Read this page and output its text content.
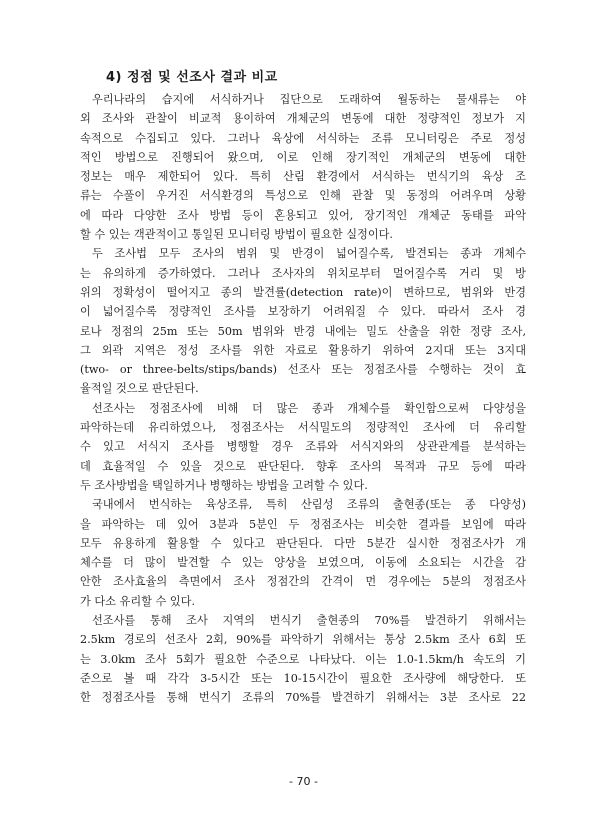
4) 정점 및 선조사 결과 비교
우리나라의 습지에 서식하거나 집단으로 도래하여 월동하는 물새류는 야
외 조사와 관찰이 비교적 용이하여 개체군의 변동에 대한 정량적인 정보가 지
속적으로 수집되고 있다. 그러나 육상에 서식하는 조류 모니터링은 주로 정성
적인 방법으로 진행되어 왔으며, 이로 인해 장기적인 개체군의 변동에 대한
정보는 매우 제한되어 있다. 특히 산림 환경에서 서식하는 번식기의 육상 조
류는 수풀이 우거진 서식환경의 특성으로 인해 관찰 및 동정의 어려우며 상황
에 따라 다양한 조사 방법 등이 혼용되고 있어, 장기적인 개체군 동태를 파악
할 수 있는 객관적이고 통일된 모니터링 방법이 필요한 실정이다.
두 조사법 모두 조사의 범위 및 반경이 넓어질수록, 발견되는 종과 개체수
는 유의하게 증가하였다. 그러나 조사자의 위치로부터 멀어질수록 거리 및 방
위의 정확성이 떨어지고 종의 발견률(detection rate)이 변하므로, 범위와 반경
이 넓어질수록 정량적인 조사를 보장하기 어려워질 수 있다. 따라서 조사 경
로나 정점의 25m 또는 50m 범위와 반경 내에는 밀도 산출을 위한 정량 조사,
그 외곽 지역은 정성 조사를 위한 자료로 활용하기 위하여 2지대 또는 3지대
(two- or three-belts/stips/bands) 선조사 또는 정점조사를 수행하는 것이 효
율적일 것으로 판단된다.
선조사는 정점조사에 비해 더 많은 종과 개체수를 확인함으로써 다양성을
파악하는데 유리하였으나, 정점조사는 서식밀도의 정량적인 조사에 더 유리할
수 있고 서식지 조사를 병행할 경우 조류와 서식지와의 상관관계를 분석하는
데 효율적일 수 있을 것으로 판단된다. 향후 조사의 목적과 규모 등에 따라
두 조사방법을 택일하거나 병행하는 방법을 고려할 수 있다.
국내에서 번식하는 육상조류, 특히 산림성 조류의 출현종(또는 종 다양성)
을 파악하는 데 있어 3분과 5분인 두 정점조사는 비슷한 결과를 보임에 따라
모두 유용하게 활용할 수 있다고 판단된다. 다만 5분간 실시한 정점조사가 개
체수를 더 많이 발견할 수 있는 양상을 보였으며, 이동에 소요되는 시간을 감
안한 조사효율의 측면에서 조사 정점간의 간격이 먼 경우에는 5분의 정점조사
가 다소 유리할 수 있다.
선조사를 통해 조사 지역의 번식기 출현종의 70%를 발견하기 위해서는
2.5km 경로의 선조사 2회, 90%를 파악하기 위해서는 통상 2.5km 조사 6회 또
는 3.0km 조사 5회가 필요한 수준으로 나타났다. 이는 1.0-1.5km/h 속도의 기
준으로 볼 때 각각 3-5시간 또는 10-15시간이 필요한 조사량에 해당한다. 또
한 정점조사를 통해 번식기 조류의 70%를 발견하기 위해서는 3분 조사로 22
- 70 -
